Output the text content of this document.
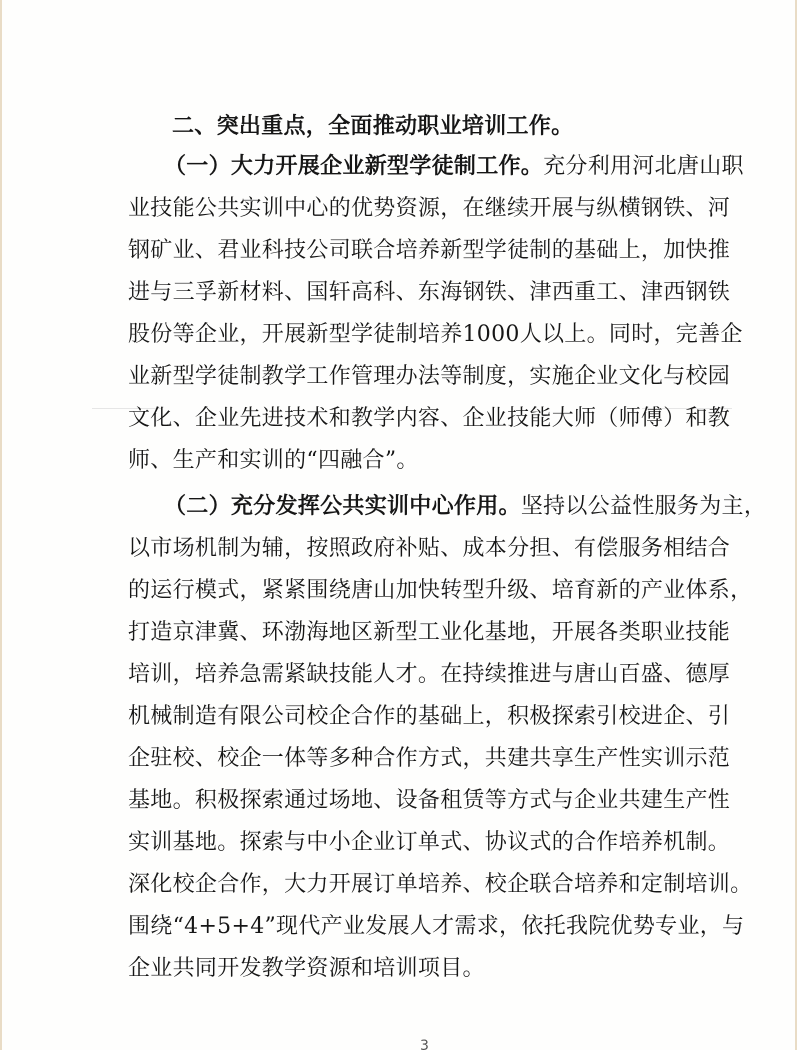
二、突出重点，全面推动职业培训工作。

（一）大力开展企业新型学徒制工作。充分利用河北唐山职

业技能公共实训中心的优势资源，在继续开展与纵横钢铁、河

钢矿业、君业科技公司联合培养新型学徒制的基础上，加快推

进与三孚新材料、国轩高科、东海钢铁、津西重工、津西钢铁

股份等企业，开展新型学徒制培养1000人以上。同时，完善企

业新型学徒制教学工作管理办法等制度，实施企业文化与校园

文化、企业先进技术和教学内容、企业技能大师（师傅）和教

师、生产和实训的“四融合”。

（二）充分发挥公共实训中心作用。坚持以公益性服务为主，

以市场机制为辅，按照政府补贴、成本分担、有偿服务相结合

的运行模式，紧紧围绕唐山加快转型升级、培育新的产业体系，

打造京津冀、环渤海地区新型工业化基地，开展各类职业技能

培训，培养急需紧缺技能人才。在持续推进与唐山百盛、德厚

机械制造有限公司校企合作的基础上，积极探索引校进企、引

企驻校、校企一体等多种合作方式，共建共享生产性实训示范

基地。积极探索通过场地、设备租赁等方式与企业共建生产性

实训基地。探索与中小企业订单式、协议式的合作培养机制。

深化校企合作，大力开展订单培养、校企联合培养和定制培训。

围绕“4+5+4”现代产业发展人才需求，依托我院优势专业，与

企业共同开发教学资源和培训项目。

3
